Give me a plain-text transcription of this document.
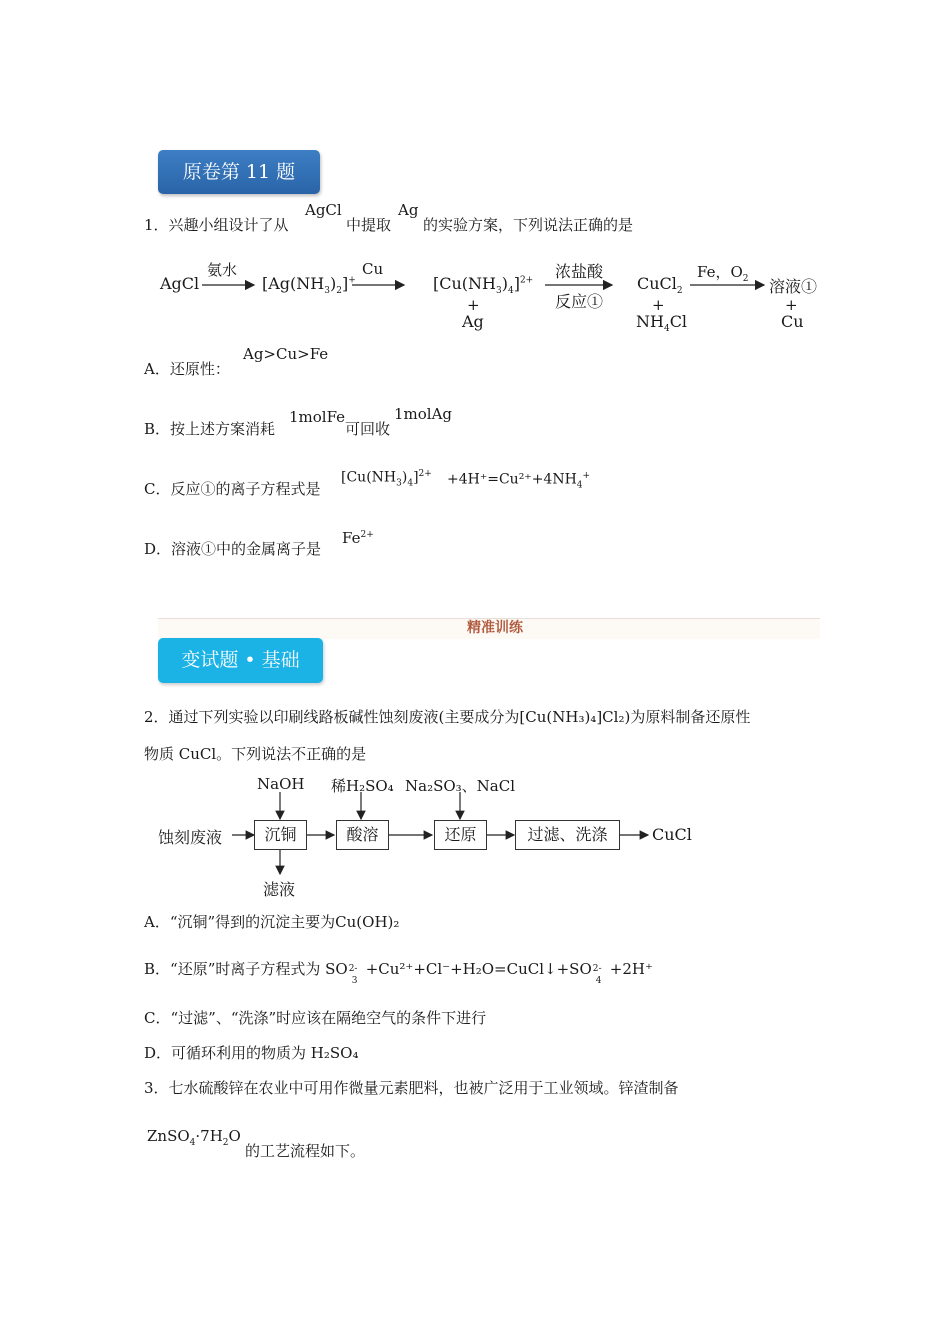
原卷第 11 题
1．兴趣小组设计了从
AgCl
中提取
Ag
的实验方案，下列说法正确的是
AgCl
氨水
$[Ag(NH_3)_2]^+$
Cu
$[Cu(NH_3)_4]^{2+}$
+
Ag
浓盐酸
反应①
CuCl$_2$
+
$NH_4Cl$
Fe，$O_2$ 溶液①
+
Cu
A．还原性：
Ag>Cu>Fe
B．按上述方案消耗
1molFe
可回收
1molAg
C．反应①的离子方程式是
$[Cu(NH_3)_4]^{2+} +4H^+=Cu^{2+}+4NH_4^+$
D．溶液①中的金属离子是
$Fe^{2+}$
精准训练
变试题 • 基础
2．通过下列实验以印刷线路板碱性蚀刻废液(主要成分为[Cu(NH₃)₄]Cl₂)为原料制备还原性
物质 CuCl。下列说法不正确的是
NaOH 稀H₂SO₄ Na₂SO₃、NaCl
蚀刻废液	沉铜	酸溶	还原	过滤、洗涤	CuCl
滤液
A．“沉铜”得到的沉淀主要为Cu(OH)₂
B．“还原”时离子方程式为 SO 2-
3
+Cu²⁺+Cl⁻+H₂O=CuCl↓+SO 2-
4
+2H⁺
C．“过滤”、“洗涤”时应该在隔绝空气的条件下进行
D．可循环利用的物质为 H₂SO₄
3．七水硫酸锌在农业中可用作微量元素肥料，也被广泛用于工业领域。锌渣制备
$ZnSO_4\cdot 7H_2O$
的工艺流程如下。
